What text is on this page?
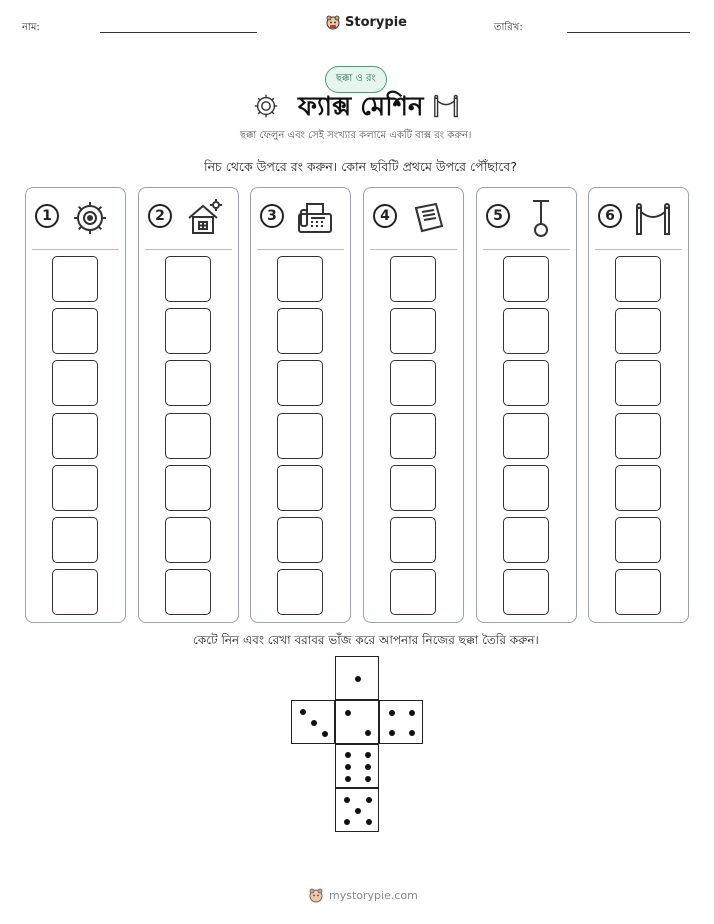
নাম:	Storypie	তারিখ:
ছক্কা ও রং
ফ্যাক্স মেশিন
ছক্কা ফেলুন এবং সেই সংখ্যার কলামে একটি বাক্স রং করুন।
নিচ থেকে উপরে রং করুন। কোন ছবিটি প্রথমে উপরে পৌঁছাবে?
1	2	3	4	5	6
কেটে নিন এবং রেখা বরাবর ভাঁজ করে আপনার নিজের ছক্কা তৈরি করুন।
mystorypie.com
